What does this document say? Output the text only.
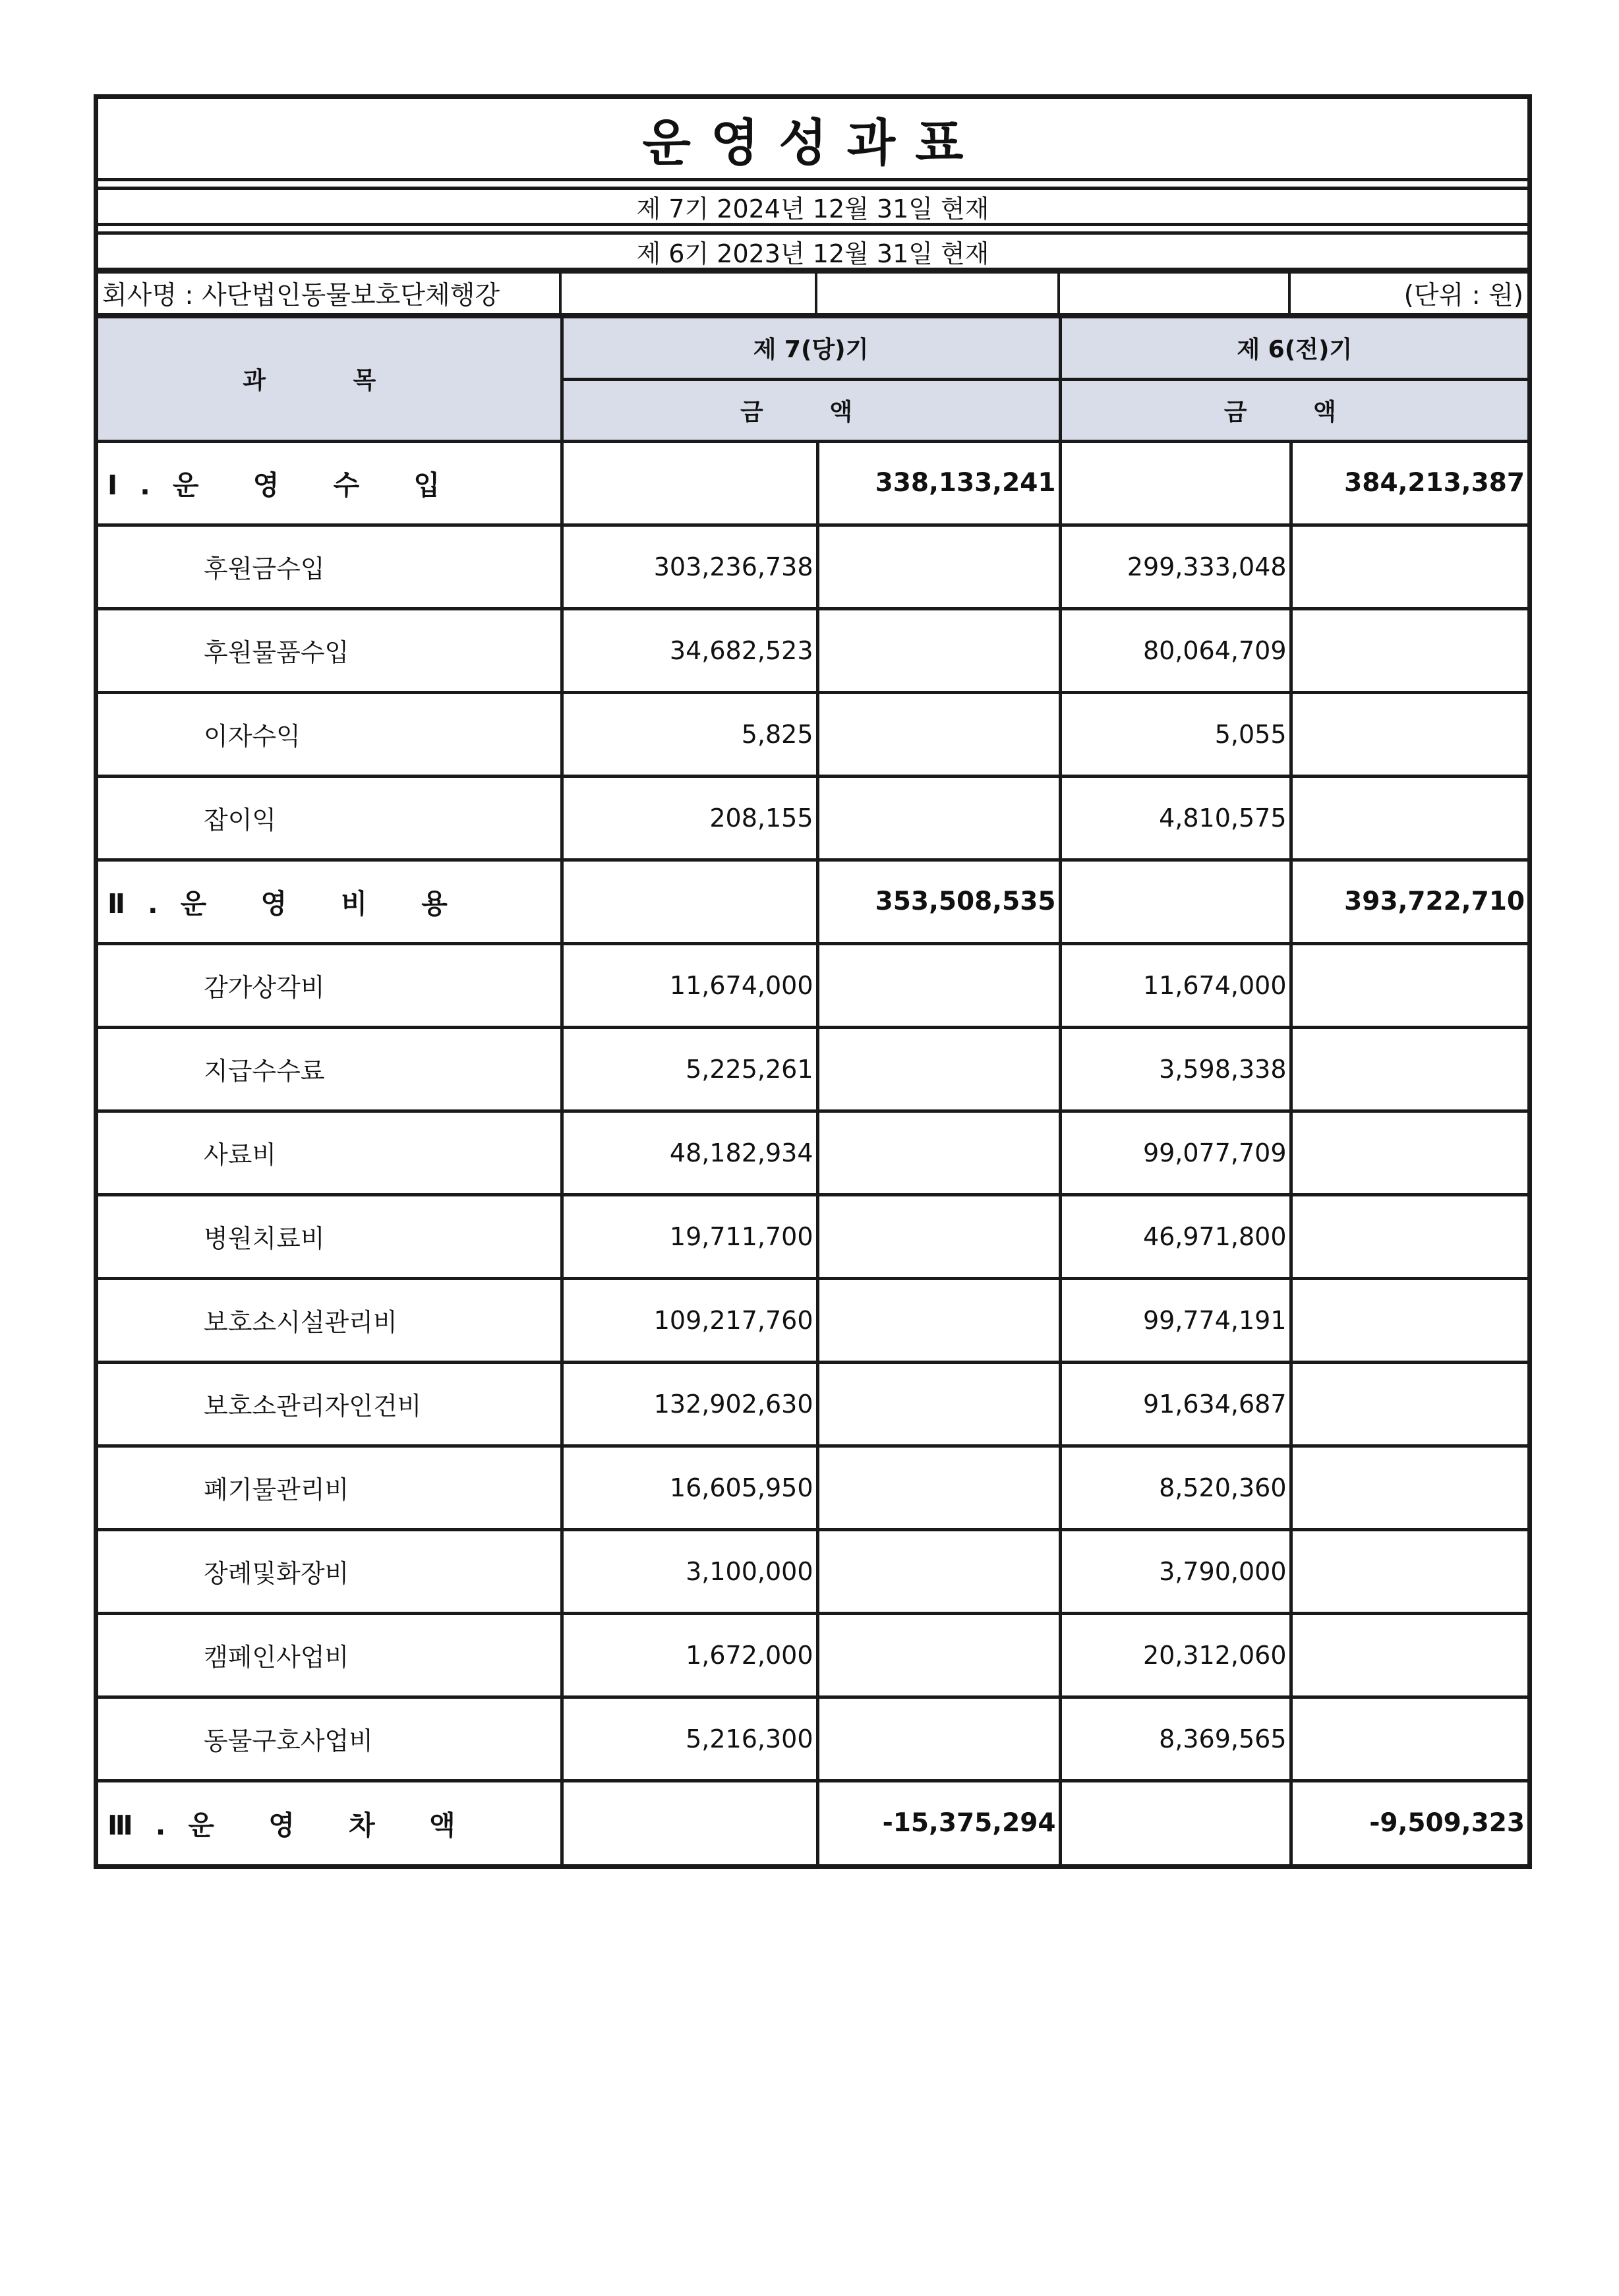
운영성과표
제 7기 2024년 12월 31일 현재
제 6기 2023년 12월 31일 현재
회사명 : 사단법인동물보호단체행강	(단위 : 원)
과 목	제 7(당)기		제 6(전)기	
	금 액		금 액	
Ⅰ.운 영 수 입		338,133,241		384,213,387
후원금수입	303,236,738		299,333,048	
후원물품수입	34,682,523		80,064,709	
이자수익	5,825		5,055	
잡이익	208,155		4,810,575	
Ⅱ.운 영 비 용		353,508,535		393,722,710
감가상각비	11,674,000		11,674,000	
지급수수료	5,225,261		3,598,338	
사료비	48,182,934		99,077,709	
병원치료비	19,711,700		46,971,800	
보호소시설관리비	109,217,760		99,774,191	
보호소관리자인건비	132,902,630		91,634,687	
폐기물관리비	16,605,950		8,520,360	
장례및화장비	3,100,000		3,790,000	
캠페인사업비	1,672,000		20,312,060	
동물구호사업비	5,216,300		8,369,565	
Ⅲ.운 영 차 액		-15,375,294		-9,509,323
